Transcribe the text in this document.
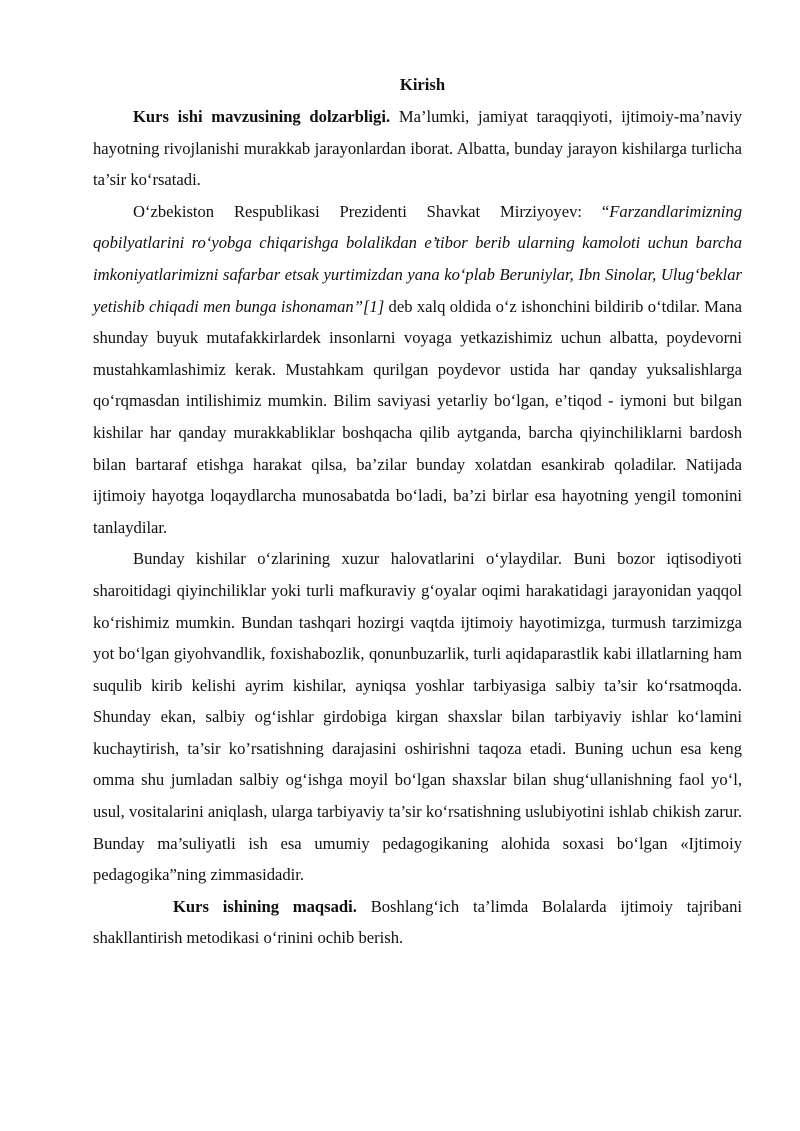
Kirish

Kurs ishi mavzusining dolzarbligi. Ma’lumki, jamiyat taraqqiyoti, ijtimoiy-ma’naviy hayotning rivojlanishi murakkab jarayonlardan iborat. Albatta, bunday jarayon kishilarga turlicha ta’sir ko‘rsatadi.

O‘zbekiston Respublikasi Prezidenti Shavkat Mirziyoyev: “Farzandlarimizning qobilyatlarini ro‘yobga chiqarishga bolalikdan e’tibor berib ularning kamoloti uchun barcha imkoniyatlarimizni safarbar etsak yurtimizdan yana ko‘plab Beruniylar, Ibn Sinolar, Ulug‘beklar yetishib chiqadi men bunga ishonaman”[1] deb xalq oldida o‘z ishonchini bildirib o‘tdilar. Mana shunday buyuk mutafakkirlardek insonlarni voyaga yetkazishimiz uchun albatta, poydevorni mustahkamlashimiz kerak. Mustahkam qurilgan poydevor ustida har qanday yuksalishlarga qo‘rqmasdan intilishimiz mumkin. Bilim saviyasi yetarliy bo‘lgan, e’tiqod - iymoni but bilgan kishilar har qanday murakkabliklar boshqacha qilib aytganda, barcha qiyinchiliklarni bardosh bilan bartaraf etishga harakat qilsa, ba’zilar bunday xolatdan esankirab qoladilar. Natijada ijtimoiy hayotga loqaydlarcha munosabatda bo‘ladi, ba’zi birlar esa hayotning yengil tomonini tanlaydilar.

Bunday kishilar o‘zlarining xuzur halovatlarini o‘ylaydilar. Buni bozor iqtisodiyoti sharoitidagi qiyinchiliklar yoki turli mafkuraviy g‘oyalar oqimi harakatidagi jarayonidan yaqqol ko‘rishimiz mumkin. Bundan tashqari hozirgi vaqtda ijtimoiy hayotimizga, turmush tarzimizga yot bo‘lgan giyohvandlik, foxishabozlik, qonunbuzarlik, turli aqidaparastlik kabi illatlarning ham suqulib kirib kelishi ayrim kishilar, ayniqsa yoshlar tarbiyasiga salbiy ta’sir ko‘rsatmoqda. Shunday ekan, salbiy og‘ishlar girdobiga kirgan shaxslar bilan tarbiyaviy ishlar ko‘lamini kuchaytirish, ta’sir ko’rsatishning darajasini oshirishni taqoza etadi. Buning uchun esa keng omma shu jumladan salbiy og‘ishga moyil bo‘lgan shaxslar bilan shug‘ullanishning faol yo‘l, usul, vositalarini aniqlash, ularga tarbiyaviy ta’sir ko‘rsatishning uslubiyotini ishlab chikish zarur. Bunday ma’suliyatli ish esa umumiy pedagogikaning alohida soxasi bo‘lgan «Ijtimoiy pedagogika”ning zimmasidadir.

Kurs ishining maqsadi. Boshlang‘ich ta’limda Bolalarda ijtimoiy tajribani shakllantirish metodikasi o‘rinini ochib berish.
